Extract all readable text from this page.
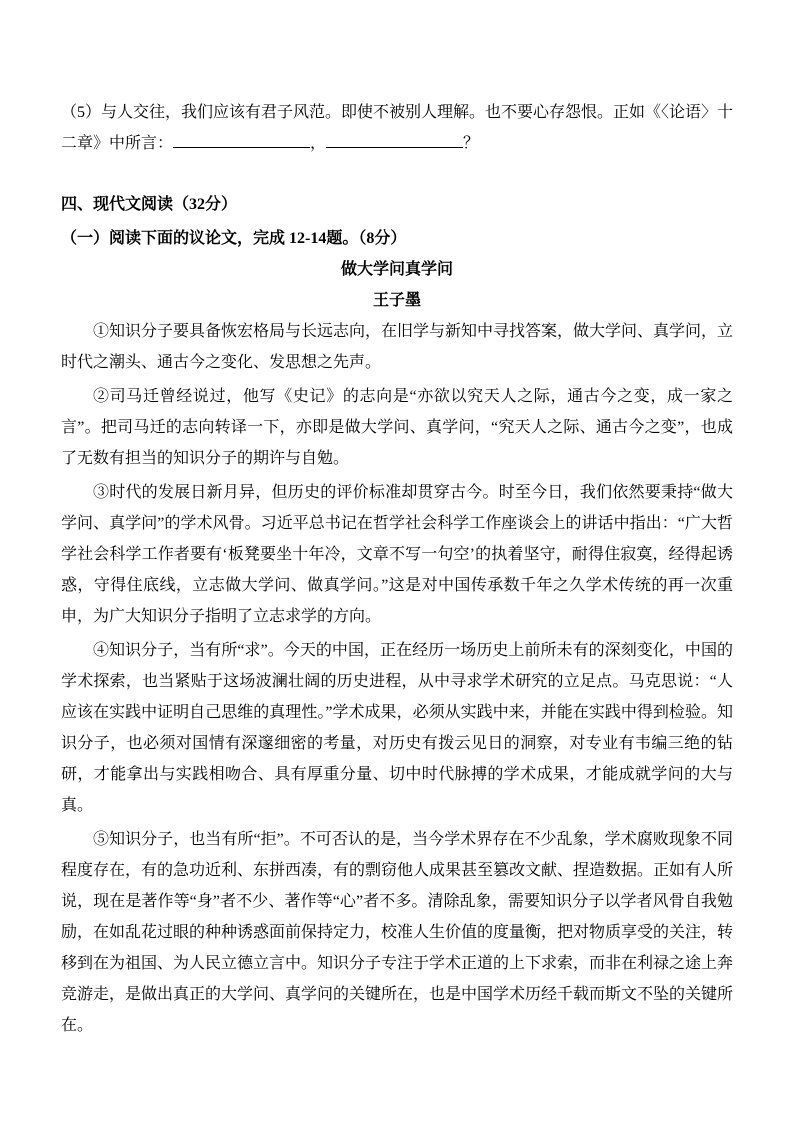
（5）与人交往，我们应该有君子风范。即使不被别人理解。也不要心存怨恨。正如《〈论语〉十二章》中所言：	，	？

四、现代文阅读（32分）

（一）阅读下面的议论文，完成 12-14题。（8分）

做大学问真学问

王子墨

①知识分子要具备恢宏格局与长远志向，在旧学与新知中寻找答案，做大学问、真学问，立时代之潮头、通古今之变化、发思想之先声。

②司马迁曾经说过，他写《史记》的志向是“亦欲以究天人之际，通古今之变，成一家之言”。把司马迁的志向转译一下，亦即是做大学问、真学问，“究天人之际、通古今之变”，也成了无数有担当的知识分子的期许与自勉。

③时代的发展日新月异，但历史的评价标准却贯穿古今。时至今日，我们依然要秉持“做大学问、真学问”的学术风骨。习近平总书记在哲学社会科学工作座谈会上的讲话中指出：“广大哲学社会科学工作者要有‘板凳要坐十年冷，文章不写一句空’的执着坚守，耐得住寂寞，经得起诱惑，守得住底线，立志做大学问、做真学问。”这是对中国传承数千年之久学术传统的再一次重申，为广大知识分子指明了立志求学的方向。

④知识分子，当有所“求”。今天的中国，正在经历一场历史上前所未有的深刻变化，中国的学术探索，也当紧贴于这场波澜壮阔的历史进程，从中寻求学术研究的立足点。马克思说：“人应该在实践中证明自己思维的真理性。”学术成果，必须从实践中来，并能在实践中得到检验。知识分子，也必须对国情有深邃细密的考量，对历史有拨云见日的洞察，对专业有韦编三绝的钻研，才能拿出与实践相吻合、具有厚重分量、切中时代脉搏的学术成果，才能成就学问的大与真。

⑤知识分子，也当有所“拒”。不可否认的是，当今学术界存在不少乱象，学术腐败现象不同程度存在，有的急功近利、东拼西凑，有的剽窃他人成果甚至篡改文献、捏造数据。正如有人所说，现在是著作等“身”者不少、著作等“心”者不多。清除乱象，需要知识分子以学者风骨自我勉励，在如乱花过眼的种种诱惑面前保持定力，校准人生价值的度量衡，把对物质享受的关注，转移到在为祖国、为人民立德立言中。知识分子专注于学术正道的上下求索，而非在利禄之途上奔竞游走，是做出真正的大学问、真学问的关键所在，也是中国学术历经千载而斯文不坠的关键所在。
